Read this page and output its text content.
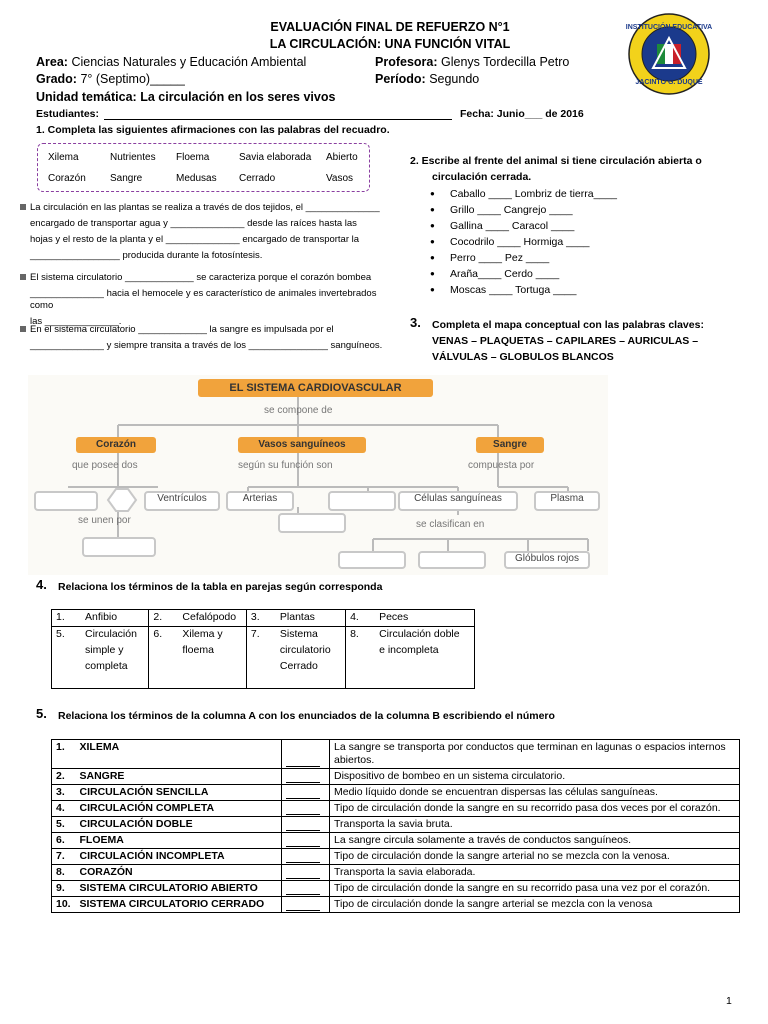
EVALUACIÓN FINAL DE REFUERZO N°1
LA CIRCULACIÓN: UNA FUNCIÓN VITAL
Area: Ciencias Naturales y Educación Ambiental	Profesora: Glenys Tordecilla Petro
Grado: 7° (Septimo)_____	Período: Segundo
Unidad temática: La circulación en los seres vivos
Estudiantes:	Fecha: Junio___ de 2016
INSTITUCIÓN EDUCATIVA
JACINTO G. DUQUE
1. Completa las siguientes afirmaciones con las palabras del recuadro.
Xilema	Nutrientes Floema	Savia elaborada Abierto
Corazón Sangre	Medusas Cerrado	Vasos
La circulación en las plantas se realiza a través de dos tejidos, el ______________
encargado de transportar agua y ______________ desde las raíces hasta las
hojas y el resto de la planta y el ______________ encargado de transportar la
_________________ producida durante la fotosíntesis.
El sistema circulatorio _____________ se caracteriza porque el corazón bombea
______________ hacia el hemocele y es característico de animales invertebrados como
las ______________.
En el sistema circulatorio _____________ la sangre es impulsada por el
______________ y siempre transita a través de los _______________ sanguíneos.
2. Escribe al frente del animal si tiene circulación abierta o
circulación cerrada.
● Caballo ____ Lombriz de tierra____
● Grillo ____ Cangrejo ____
● Gallina ____ Caracol ____
● Cocodrilo ____ Hormiga ____
● Perro ____ Pez ____
● Araña____ Cerdo ____
● Moscas ____ Tortuga ____
3. Completa el mapa conceptual con las palabras claves:
VENAS – PLAQUETAS – CAPILARES – AURICULAS –
VÁLVULAS – GLOBULOS BLANCOS
EL SISTEMA CARDIOVASCULAR
se compone de
Corazón	Vasos sanguíneos	Sangre
que posee dos	según su función son	compuesta por
Ventrículos	Arterias	Células sanguíneas	Plasma
se unen por	se clasifican en
Glóbulos rojos
4. Relaciona los términos de la tabla en parejas según corresponda
1.	Anfibio	2.	Cefalópodo	3.	Plantas	4.	Peces
5.	Circulación
simple y
completa	6.	Xilema y
floema	7.	Sistema
circulatorio
Cerrado	8.	Circulación doble
e incompleta
5. Relaciona los términos de la columna A con los enunciados de la columna B escribiendo el número
1.	XILEMA		La sangre se transporta por conductos que terminan en lagunas o espacios internos abiertos.
2.	SANGRE		Dispositivo de bombeo en un sistema circulatorio.
3.	CIRCULACIÓN SENCILLA		Medio líquido donde se encuentran dispersas las células sanguíneas.
4.	CIRCULACIÓN COMPLETA		Tipo de circulación donde la sangre en su recorrido pasa dos veces por el corazón.
5.	CIRCULACIÓN DOBLE		Transporta la savia bruta.
6.	FLOEMA		La sangre circula solamente a través de conductos sanguíneos.
7.	CIRCULACIÓN INCOMPLETA		Tipo de circulación donde la sangre arterial no se mezcla con la venosa.
8.	CORAZÓN		Transporta la savia elaborada.
9.	SISTEMA CIRCULATORIO ABIERTO		Tipo de circulación donde la sangre en su recorrido pasa una vez por el corazón.
10.	SISTEMA CIRCULATORIO CERRADO		Tipo de circulación donde la sangre arterial se mezcla con la venosa
1
